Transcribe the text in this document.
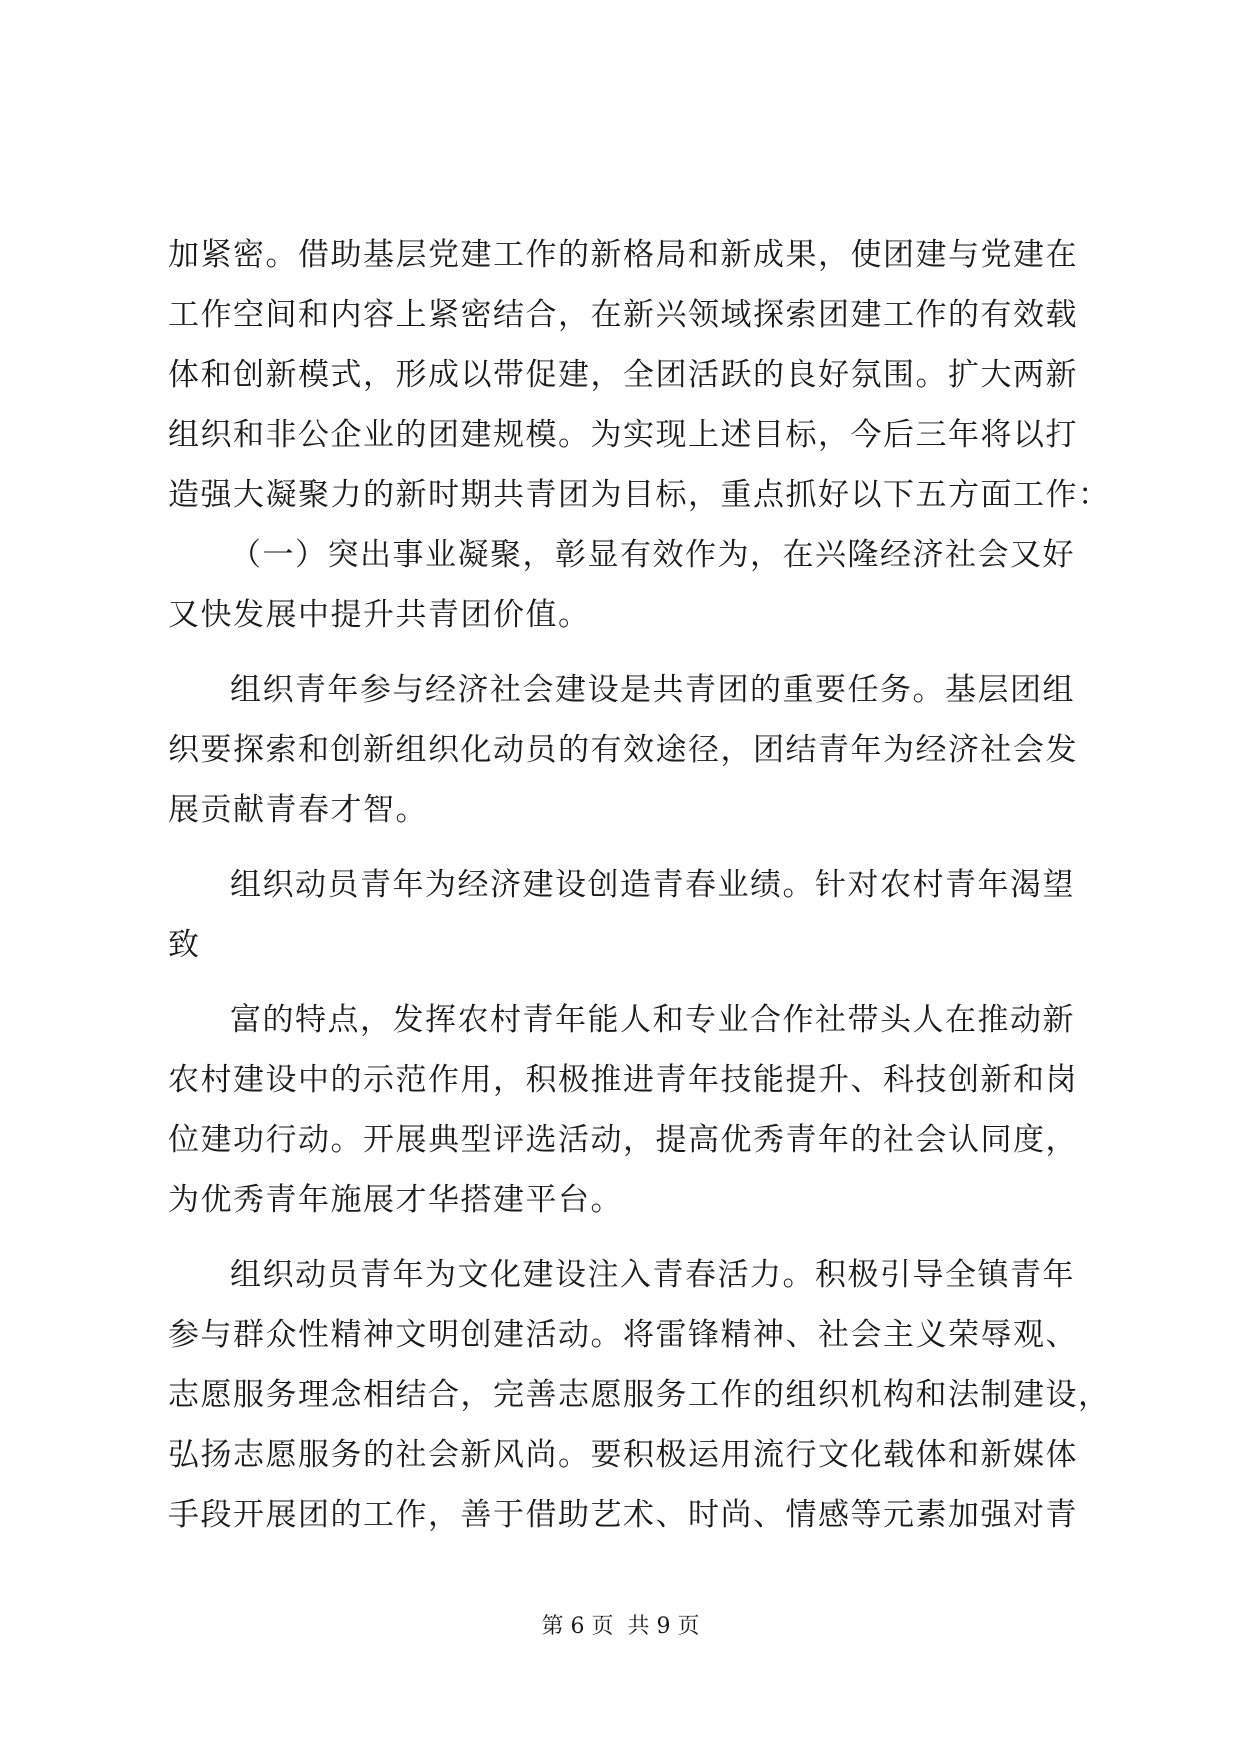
加紧密。借助基层党建工作的新格局和新成果，使团建与党建在
工作空间和内容上紧密结合，在新兴领域探索团建工作的有效载
体和创新模式，形成以带促建，全团活跃的良好氛围。扩大两新
组织和非公企业的团建规模。为实现上述目标，今后三年将以打
造强大凝聚力的新时期共青团为目标，重点抓好以下五方面工作：
（一）突出事业凝聚，彰显有效作为，在兴隆经济社会又好
又快发展中提升共青团价值。
组织青年参与经济社会建设是共青团的重要任务。基层团组
织要探索和创新组织化动员的有效途径，团结青年为经济社会发
展贡献青春才智。
组织动员青年为经济建设创造青春业绩。针对农村青年渴望
致
富的特点，发挥农村青年能人和专业合作社带头人在推动新
农村建设中的示范作用，积极推进青年技能提升、科技创新和岗
位建功行动。开展典型评选活动，提高优秀青年的社会认同度，
为优秀青年施展才华搭建平台。
组织动员青年为文化建设注入青春活力。积极引导全镇青年
参与群众性精神文明创建活动。将雷锋精神、社会主义荣辱观、
志愿服务理念相结合，完善志愿服务工作的组织机构和法制建设，
弘扬志愿服务的社会新风尚。要积极运用流行文化载体和新媒体
手段开展团的工作，善于借助艺术、时尚、情感等元素加强对青
第 6 页  共 9 页
